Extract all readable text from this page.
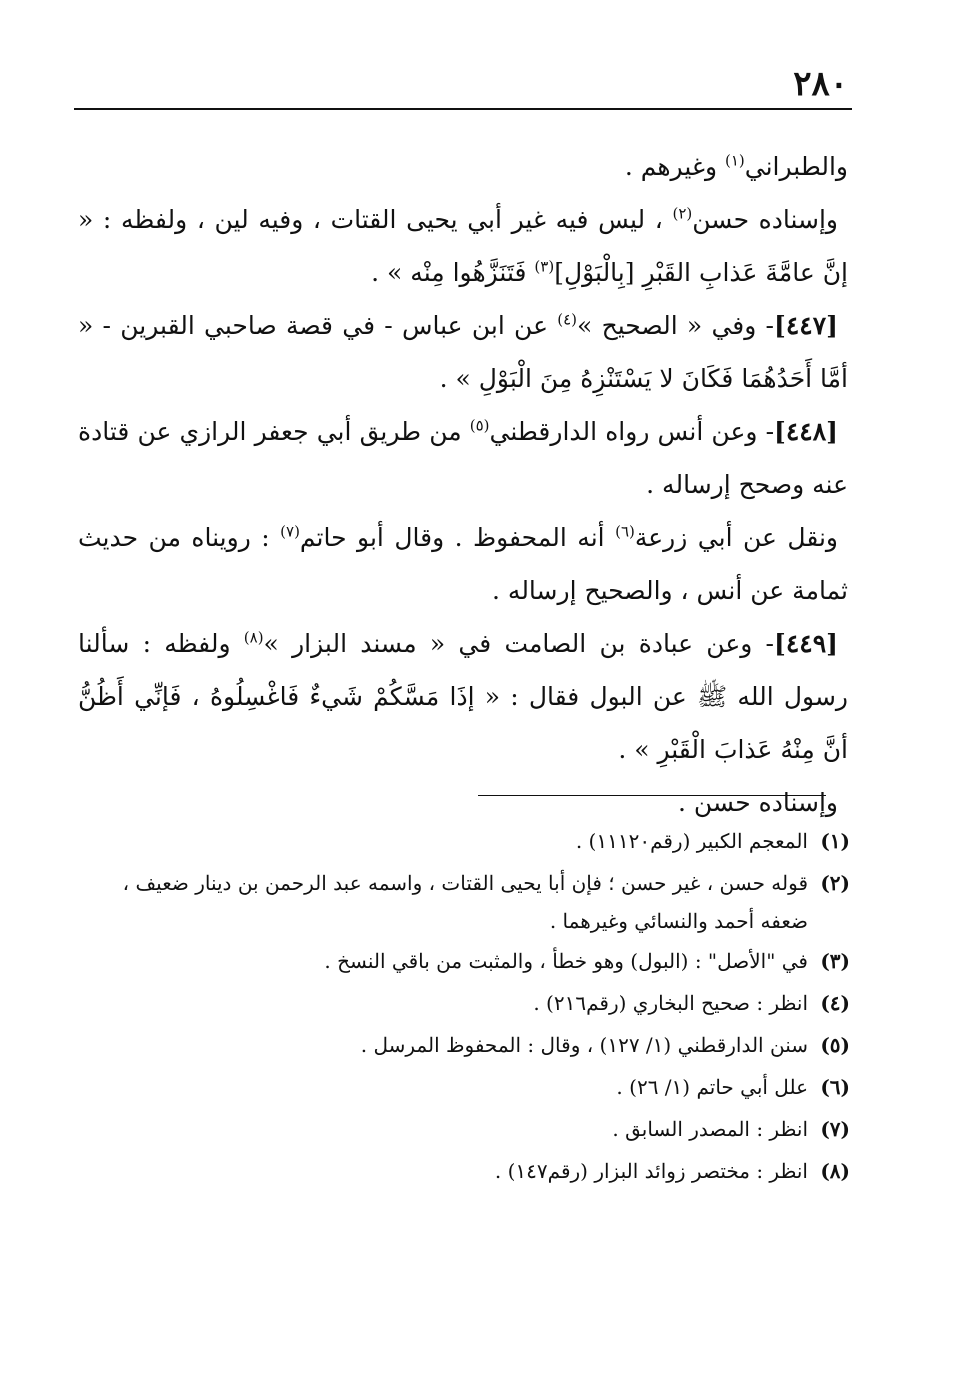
٢٨٠

والطبراني$^{(١)}$ وغيرهم .

وإسناده حسن$^{(٢)}$ ، ليس فيه غير أبي يحيى القتات ، وفيه لين ، ولفظه : « إنَّ عامَّةَ عَذابِ القَبْرِ [بِالْبَوْلِ]$^{(٣)}$ فَتَنَزَّهُوا مِنْه » .

[٤٤٧]- وفي « الصحيح »$^{(٤)}$ عن ابن عباس - في قصة صاحبي القبرين - « أمَّا أَحَدُهُمَا فَكَانَ لا يَسْتَنْزِهُ مِنَ الْبَوْلِ » .

[٤٤٨]- وعن أنس رواه الدارقطني$^{(٥)}$ من طريق أبي جعفر الرازي عن قتادة عنه وصحح إرساله .

ونقل عن أبي زرعة$^{(٦)}$ أنه المحفوظ . وقال أبو حاتم$^{(٧)}$ : رويناه من حديث ثمامة عن أنس ، والصحيح إرساله .

[٤٤٩]- وعن عبادة بن الصامت في « مسند البزار »$^{(٨)}$ ولفظه : سألنا رسول الله ﷺ عن البول فقال : « إذَا مَسَّكُمْ شَيءٌ فَاغْسِلُوهُ ، فَإنِّي أَظُنُّ أنَّ مِنْهُ عَذابَ الْقَبْرِ » .

وإسناده حسن .

(١)
المعجم الكبير (رقم١١١٢٠) .
(٢)
قوله حسن ، غير حسن ؛ فإن أبا يحيى القتات ، واسمه عبد الرحمن بن دينار ضعيف ، ضعفه أحمد والنسائي وغيرهما .
(٣)
في "الأصل" : (البول) وهو خطأ ، والمثبت من باقي النسخ .
(٤)
انظر : صحيح البخاري (رقم٢١٦) .
(٥)
سنن الدارقطني (١/ ١٢٧) ، وقال : المحفوظ المرسل .
(٦)
علل أبي حاتم (١/ ٢٦) .
(٧)
انظر : المصدر السابق .
(٨)
انظر : مختصر زوائد البزار (رقم١٤٧) .
